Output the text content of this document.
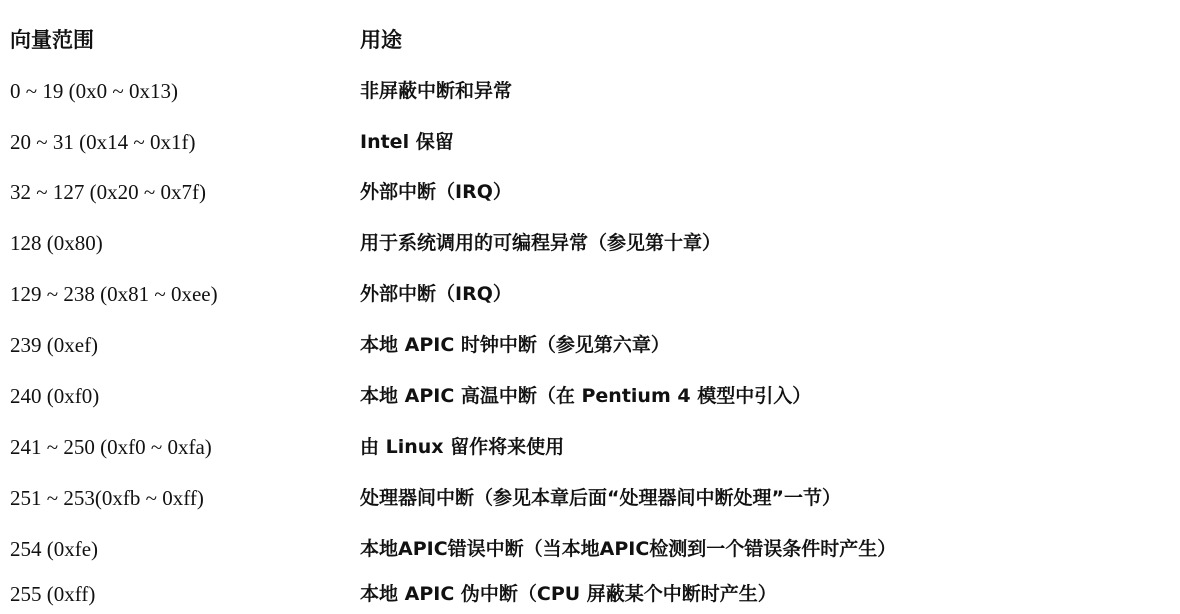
向量范围	用途
0 ~ 19 (0x0 ~ 0x13)	非屏蔽中断和异常
20 ~ 31 (0x14 ~ 0x1f)	Intel 保留
32 ~ 127 (0x20 ~ 0x7f)	外部中断（IRQ）
128 (0x80)	用于系统调用的可编程异常（参见第十章）
129 ~ 238 (0x81 ~ 0xee)	外部中断（IRQ）
239 (0xef)	本地 APIC 时钟中断（参见第六章）
240 (0xf0)	本地 APIC 高温中断（在 Pentium 4 模型中引入）
241 ~ 250 (0xf0 ~ 0xfa)	由 Linux 留作将来使用
251 ~ 253(0xfb ~ 0xff)	处理器间中断（参见本章后面“处理器间中断处理”一节）
254 (0xfe)	本地APIC错误中断（当本地APIC检测到一个错误条件时产生）
255 (0xff)	本地 APIC 伪中断（CPU 屏蔽某个中断时产生）
